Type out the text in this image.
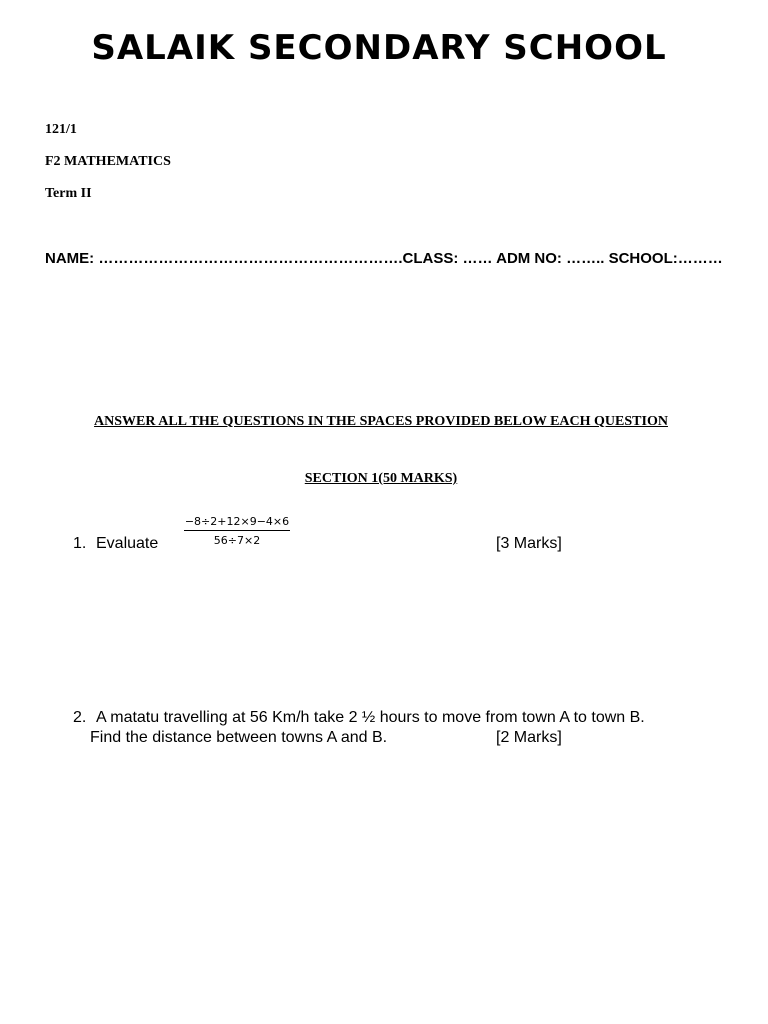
SALAIK SECONDARY SCHOOL
121/1
F2 MATHEMATICS
Term II
NAME: …………………………………………………….CLASS: …… ADM NO: …….. SCHOOL:………
ANSWER ALL THE QUESTIONS IN THE SPACES PROVIDED BELOW EACH QUESTION
SECTION 1(50 MARKS)
1. Evaluate $\frac{-8\div 2+12\times 9-4\times 6}{56\div 7\times 2}$	[3 Marks]
2. A matatu travelling at 56 Km/h take 2 ½ hours to move from town A to town B.
Find the distance between towns A and B.	[2 Marks]
